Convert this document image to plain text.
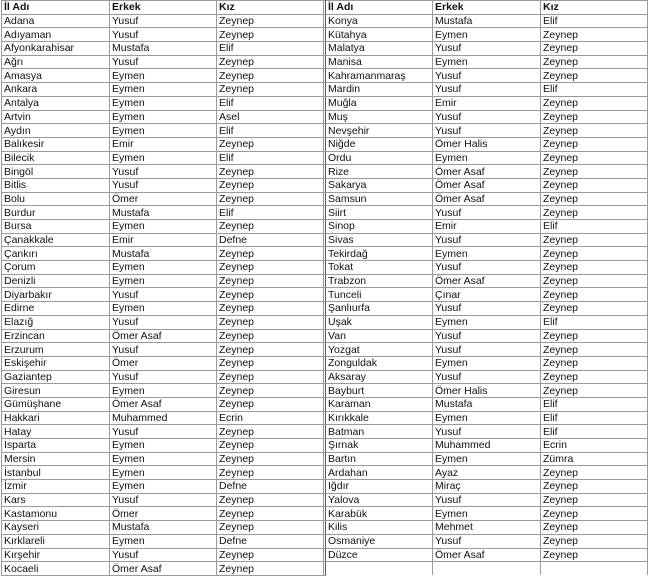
İl Adı	Erkek	Kız		İl Adı	Erkek	Kız
Adana	Yusuf	Zeynep		Konya	Mustafa	Elif
Adıyaman	Yusuf	Zeynep		Kütahya	Eymen	Zeynep
Afyonkarahisar	Mustafa	Elif		Malatya	Yusuf	Zeynep
Ağrı	Yusuf	Zeynep		Manisa	Eymen	Zeynep
Amasya	Eymen	Zeynep		Kahramanmaraş	Yusuf	Zeynep
Ankara	Eymen	Zeynep		Mardin	Yusuf	Elif
Antalya	Eymen	Elif		Muğla	Emir	Zeynep
Artvin	Eymen	Asel		Muş	Yusuf	Zeynep
Aydın	Eymen	Elif		Nevşehir	Yusuf	Zeynep
Balıkesir	Emir	Zeynep		Niğde	Ömer Halis	Zeynep
Bilecik	Eymen	Elif		Ordu	Eymen	Zeynep
Bingöl	Yusuf	Zeynep		Rize	Ömer Asaf	Zeynep
Bitlis	Yusuf	Zeynep		Sakarya	Ömer Asaf	Zeynep
Bolu	Ömer	Zeynep		Samsun	Ömer Asaf	Zeynep
Burdur	Mustafa	Elif		Siirt	Yusuf	Zeynep
Bursa	Eymen	Zeynep		Sinop	Emir	Elif
Çanakkale	Emir	Defne		Sivas	Yusuf	Zeynep
Çankırı	Mustafa	Zeynep		Tekirdağ	Eymen	Zeynep
Çorum	Eymen	Zeynep		Tokat	Yusuf	Zeynep
Denizli	Eymen	Zeynep		Trabzon	Ömer Asaf	Zeynep
Diyarbakır	Yusuf	Zeynep		Tunceli	Çınar	Zeynep
Edirne	Eymen	Zeynep		Şanlıurfa	Yusuf	Zeynep
Elazığ	Yusuf	Zeynep		Uşak	Eymen	Elif
Erzincan	Ömer Asaf	Zeynep		Van	Yusuf	Zeynep
Erzurum	Yusuf	Zeynep		Yozgat	Yusuf	Zeynep
Eskişehir	Ömer	Zeynep		Zonguldak	Eymen	Zeynep
Gaziantep	Yusuf	Zeynep		Aksaray	Yusuf	Zeynep
Giresun	Eymen	Zeynep		Bayburt	Ömer Halis	Zeynep
Gümüşhane	Ömer Asaf	Zeynep		Karaman	Mustafa	Elif
Hakkari	Muhammed	Ecrin		Kırıkkale	Eymen	Elif
Hatay	Yusuf	Zeynep		Batman	Yusuf	Elif
Isparta	Eymen	Zeynep		Şırnak	Muhammed	Ecrin
Mersin	Eymen	Zeynep		Bartın	Eymen	Zümra
İstanbul	Eymen	Zeynep		Ardahan	Ayaz	Zeynep
İzmir	Eymen	Defne		Iğdır	Miraç	Zeynep
Kars	Yusuf	Zeynep		Yalova	Yusuf	Zeynep
Kastamonu	Ömer	Zeynep		Karabük	Eymen	Zeynep
Kayseri	Mustafa	Zeynep		Kilis	Mehmet	Zeynep
Kırklareli	Eymen	Defne		Osmaniye	Yusuf	Zeynep
Kırşehir	Yusuf	Zeynep		Düzce	Ömer Asaf	Zeynep
Kocaeli	Ömer Asaf	Zeynep				
